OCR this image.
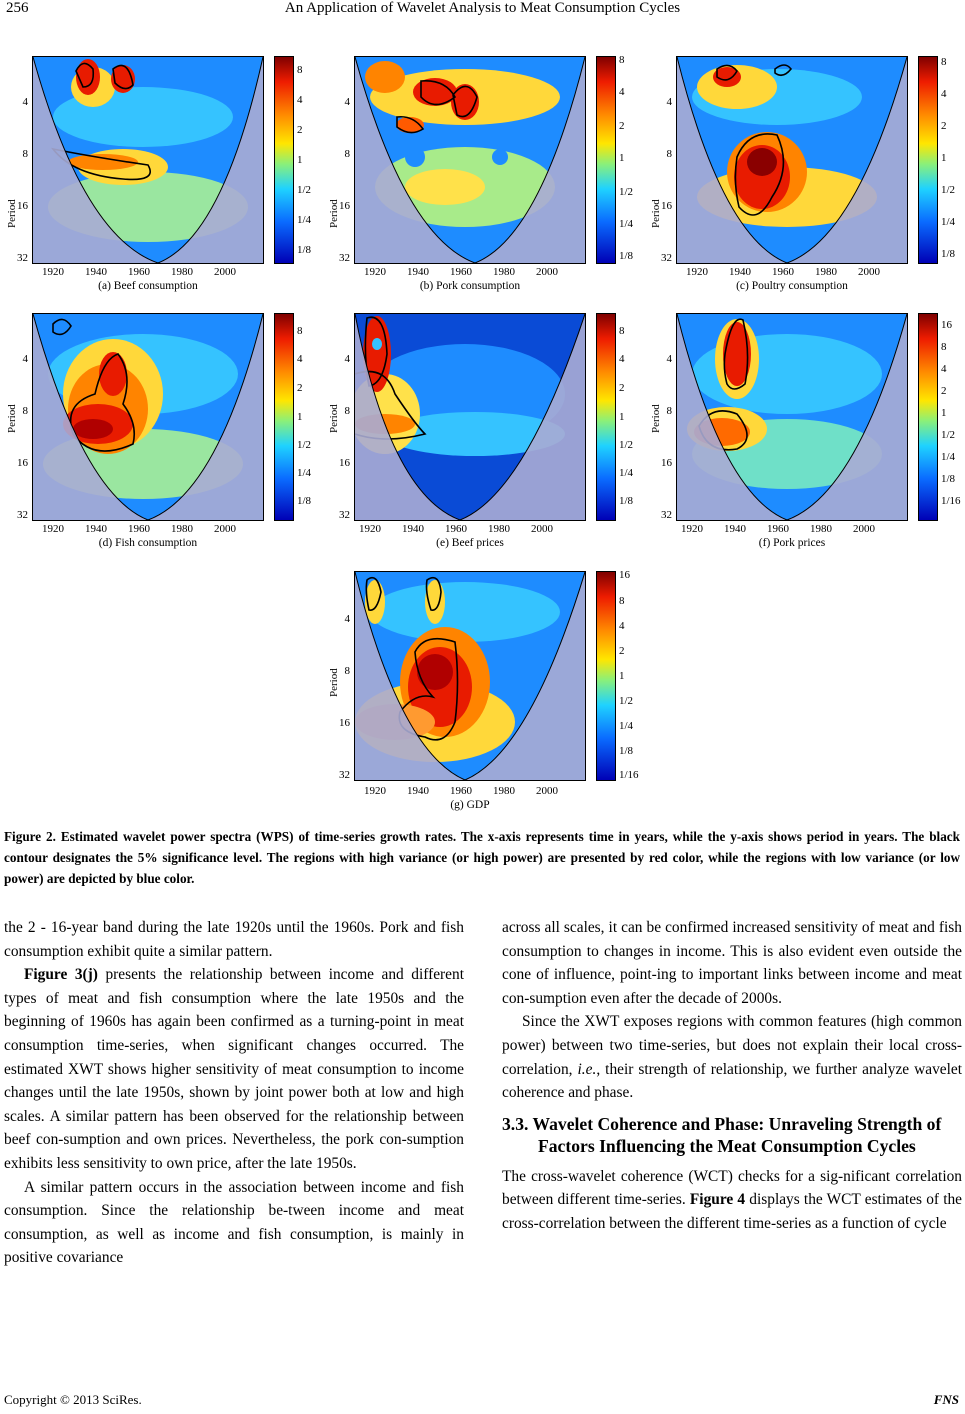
256	An Application of Wavelet Analysis to Meat Consumption Cycles
Period
4
8
16
32
1920	1940	1960	1980	2000
(a) Beef consumption
8
4
2
1
1/2
1/4
1/8
Period
4
8
16
32
1920	1940	1960	1980	2000
(b) Pork consumption
8
4
2
1
1/2
1/4
1/8
Period
4
8
16
32
1920	1940	1960	1980	2000
(c) Poultry consumption
8
4
2
1
1/2
1/4
1/8
Period
4
8
16
32
1920	1940	1960	1980	2000
(d) Fish consumption
8
4
2
1
1/2
1/4
1/8
Period
4
8
16
32
1920	1940	1960	1980	2000
(e) Beef prices
8
4
2
1
1/2
1/4
1/8
Period
4
8
16
32
1920	1940	1960	1980	2000
(f) Pork prices
16
8
4
2
1
1/2
1/4
1/8
1/16
Period
4
8
16
32
1920	1940	1960	1980	2000
(g) GDP
16
8
4
2
1
1/2
1/4
1/8
1/16
Figure 2. Estimated wavelet power spectra (WPS) of time-series growth rates. The x-axis represents time in years, while the y-axis shows period in years. The black contour designates the 5% significance level. The regions with high variance (or high power) are presented by red color, while the regions with low variance (or low power) are depicted by blue color.

the 2 - 16-year band during the late 1920s until the 1960s. Pork and fish consumption exhibit quite a similar pattern.

Figure 3(j) presents the relationship between income and different types of meat and fish consumption where the late 1950s and the beginning of 1960s has again been confirmed as a turning-point in meat consumption time-series, when significant changes occurred. The estimated XWT shows higher sensitivity of meat consumption to income changes until the late 1950s, shown by joint power both at low and high scales. A similar pattern has been observed for the relationship between beef con-sumption and own prices. Nevertheless, the pork con-sumption exhibits less sensitivity to own price, after the late 1950s.

A similar pattern occurs in the association between income and fish consumption. Since the relationship be-tween income and meat consumption, as well as income and fish consumption, is mainly in positive covariance

across all scales, it can be confirmed increased sensitivity of meat and fish consumption to changes in income. This is also evident even outside the cone of influence, point-ing to important links between income and meat con-sumption even after the decade of 2000s.

Since the XWT exposes regions with common features (high common power) between two time-series, but does not explain their local cross-correlation, i.e., their strength of relationship, we further analyze wavelet coherence and phase.

3.3. Wavelet Coherence and Phase: Unraveling Strength of Factors Influencing the Meat Consumption Cycles

The cross-wavelet coherence (WCT) checks for a sig-nificant correlation between different time-series. Figure 4 displays the WCT estimates of the cross-correlation between the different time-series as a function of cycle

Copyright © 2013 SciRes.	FNS
